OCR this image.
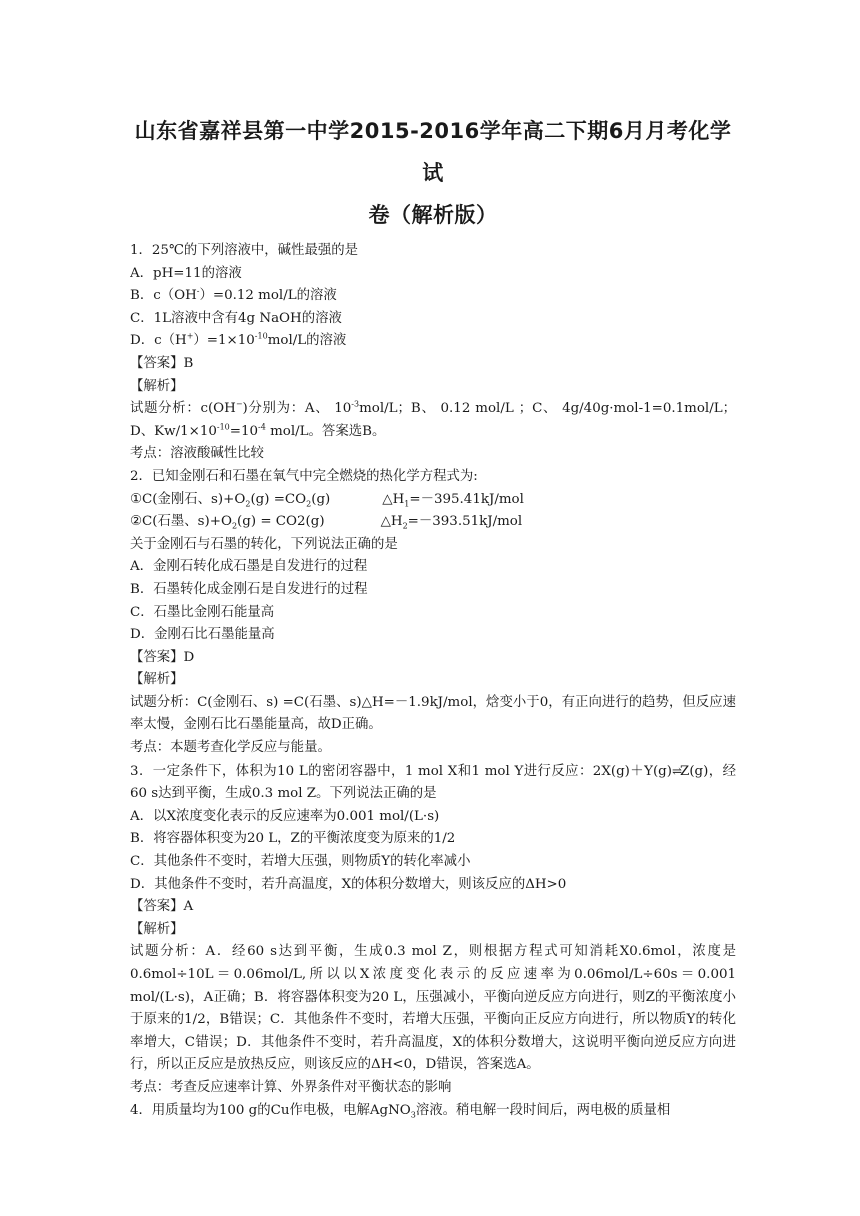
山东省嘉祥县第一中学2015-2016学年高二下期6月月考化学试
卷（解析版）
1．25℃的下列溶液中，碱性最强的是
A．pH=11的溶液
B．c（OH-）=0.12 mol/L的溶液
C．1L溶液中含有4g NaOH的溶液
D．$c(H^+)=1\times 10^{-10}mol/L$的溶液
【答案】B
【解析】
试题分析：c(OH−)分别为：A、 $10^{-3}mol/L$；B、 0.12 mol/L ；C、 4g/40g·mol-1=0.1mol/L；D、$Kw/1\times 10^{-10}=10^{-4}$ mol/L。答案选B。
考点：溶液酸碱性比较
2．已知金刚石和石墨在氧气中完全燃烧的热化学方程式为:
①C(金刚石、$s)+O_2(g) =CO_2(g)$	$\triangle H_1=-395.41kJ$/mol
②C(石墨、$s)+O_2(g) = CO2(g)$	$\triangle H_2=-393.51kJ$/mol
关于金刚石与石墨的转化，下列说法正确的是
A．金刚石转化成石墨是自发进行的过程
B．石墨转化成金刚石是自发进行的过程
C．石墨比金刚石能量高
D．金刚石比石墨能量高
【答案】D
【解析】
试题分析：C(金刚石、s) =C(石墨、s)△H=－1.9kJ/mol，焓变小于0，有正向进行的趋势，但反应速率太慢，金刚石比石墨能量高，故D正确。
考点：本题考查化学反应与能量。
3．一定条件下，体积为10 L的密闭容器中，1 mol X和1 mol Y进行反应：2X(g)＋Y(g)⇌Z(g)，经60 s达到平衡，生成0.3 mol Z。下列说法正确的是
A．以X浓度变化表示的反应速率为0.001 mol/(L·s)
B．将容器体积变为20 L，Z的平衡浓度变为原来的1/2
C．其他条件不变时，若增大压强，则物质Y的转化率减小
D．其他条件不变时，若升高温度，X的体积分数增大，则该反应的ΔH>0
【答案】A
【解析】
试题分析：A．经60 s达到平衡，生成0.3 mol Z，则根据方程式可知消耗X0.6mol，浓度是0.6mol÷10L＝0.06mol/L,所以以X浓度变化表示的反应速率为0.06mol/L÷60s＝0.001 mol/(L·s)，A正确；B．将容器体积变为20 L，压强减小，平衡向逆反应方向进行，则Z的平衡浓度小于原来的1/2，B错误；C．其他条件不变时，若增大压强，平衡向正反应方向进行，所以物质Y的转化率增大，C错误；D．其他条件不变时，若升高温度，X的体积分数增大，这说明平衡向逆反应方向进行，所以正反应是放热反应，则该反应的ΔH<0，D错误，答案选A。
考点：考查反应速率计算、外界条件对平衡状态的影响
4．用质量均为100 g的Cu作电极，电解AgNO$_3$溶液。稍电解一段时间后，两电极的质量相
